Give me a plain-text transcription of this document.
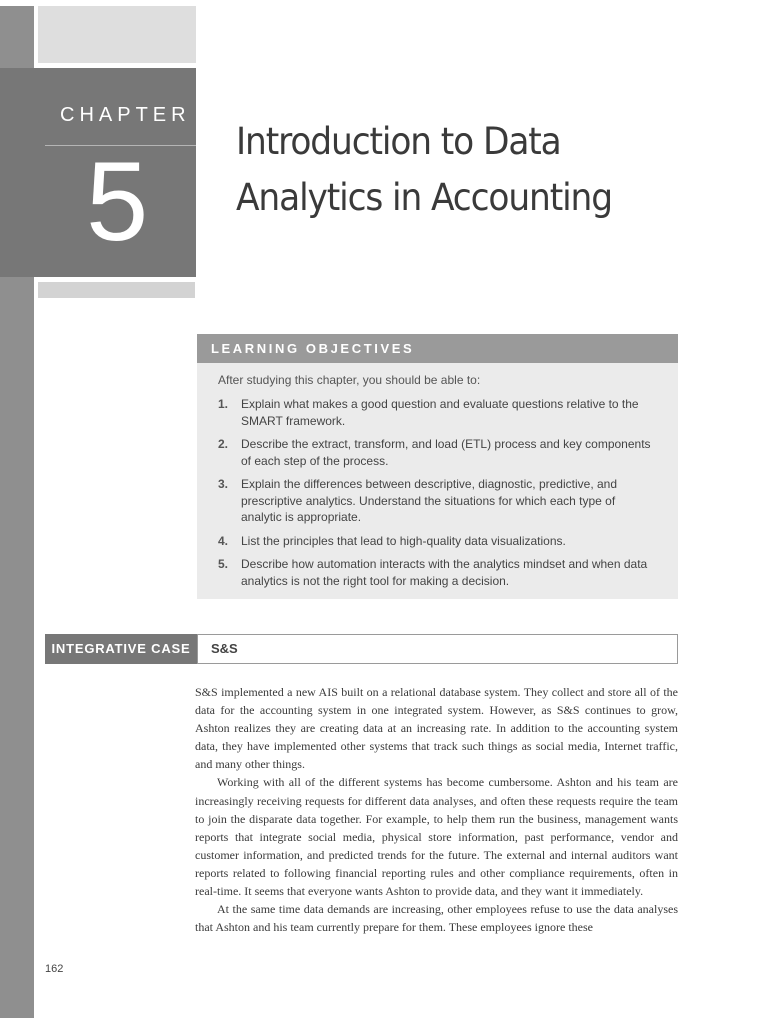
CHAPTER
5 Introduction to Data
Analytics in Accounting
LEARNING OBJECTIVES
After studying this chapter, you should be able to:
1. Explain what makes a good question and evaluate questions relative to the SMART framework.
2. Describe the extract, transform, and load (ETL) process and key components of each step of the process.
3. Explain the differences between descriptive, diagnostic, predictive, and prescriptive analytics. Understand the situations for which each type of analytic is appropriate.
4. List the principles that lead to high-quality data visualizations.
5. Describe how automation interacts with the analytics mindset and when data analytics is not the right tool for making a decision.
INTEGRATIVE CASE	S&S

S&S implemented a new AIS built on a relational database system. They collect and store all of the data for the accounting system in one integrated system. However, as S&S continues to grow, Ashton realizes they are creating data at an increasing rate. In addition to the accounting system data, they have implemented other systems that track such things as social media, Internet traffic, and many other things.

Working with all of the different systems has become cumbersome. Ashton and his team are increasingly receiving requests for different data analyses, and often these requests require the team to join the disparate data together. For example, to help them run the business, management wants reports that integrate social media, physical store information, past performance, vendor and customer information, and predicted trends for the future. The external and internal auditors want reports related to following financial reporting rules and other compliance requirements, often in real-time. It seems that everyone wants Ashton to provide data, and they want it immediately.

At the same time data demands are increasing, other employees refuse to use the data analyses that Ashton and his team currently prepare for them. These employees ignore these

162
